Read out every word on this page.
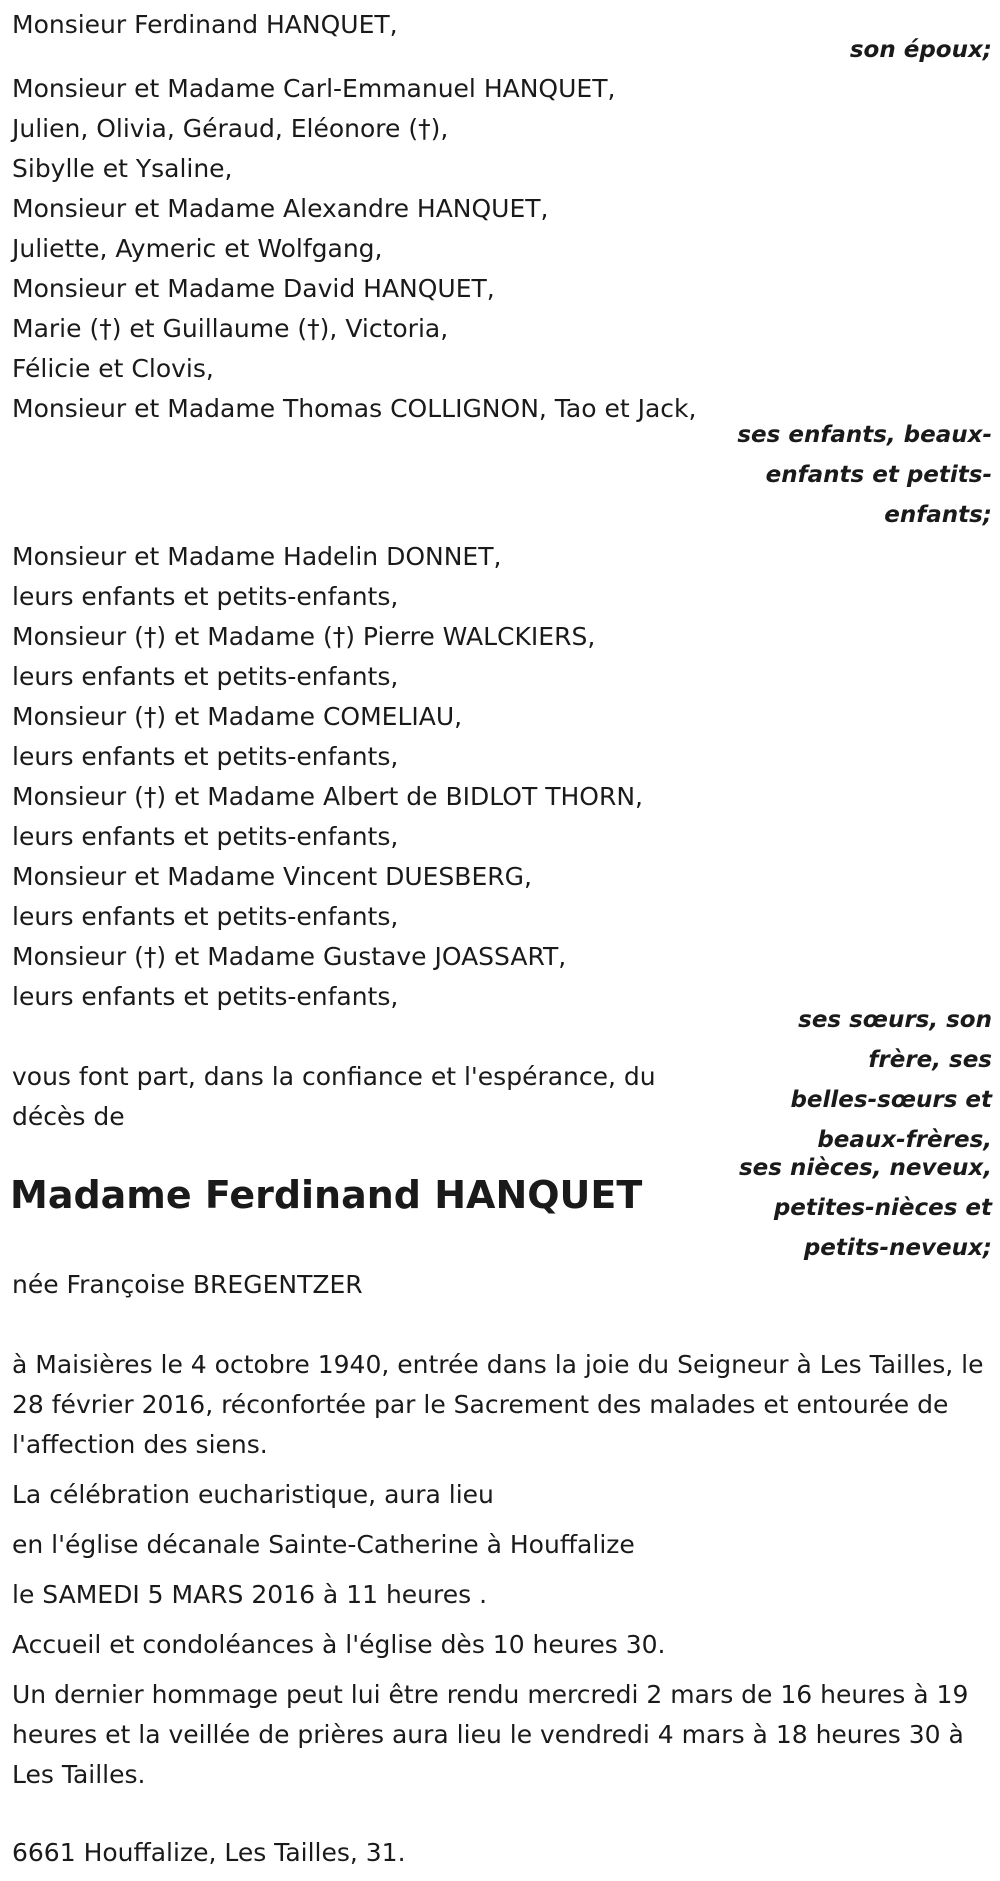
Monsieur Ferdinand HANQUET,

son époux;

Monsieur et Madame Carl-Emmanuel HANQUET,

Julien, Olivia, Géraud, Eléonore (†),

Sibylle et Ysaline,

Monsieur et Madame Alexandre HANQUET,

Juliette, Aymeric et Wolfgang,

Monsieur et Madame David HANQUET,

Marie (†) et Guillaume (†), Victoria,

Félicie et Clovis,

Monsieur et Madame Thomas COLLIGNON, Tao et Jack,

ses enfants, beaux-

enfants et petits-

enfants;

Monsieur et Madame Hadelin DONNET,

leurs enfants et petits-enfants,

Monsieur (†) et Madame (†) Pierre WALCKIERS,

leurs enfants et petits-enfants,

Monsieur (†) et Madame COMELIAU,

leurs enfants et petits-enfants,

Monsieur (†) et Madame Albert de BIDLOT THORN,

leurs enfants et petits-enfants,

Monsieur et Madame Vincent DUESBERG,

leurs enfants et petits-enfants,

Monsieur (†) et Madame Gustave JOASSART,

leurs enfants et petits-enfants,

ses sœurs, son

frère, ses

belles-sœurs et

beaux-frères,

vous font part, dans la confiance et l'espérance, du

décès de

ses nièces, neveux,

petites-nièces et

petits-neveux;

Madame Ferdinand HANQUET

née Françoise BREGENTZER

à Maisières le 4 octobre 1940, entrée dans la joie du Seigneur à Les Tailles, le 28 février 2016, réconfortée par le Sacrement des malades et entourée de l'affection des siens.

La célébration eucharistique, aura lieu

en l'église décanale Sainte-Catherine à Houffalize

le SAMEDI 5 MARS 2016 à 11 heures .

Accueil et condoléances à l'église dès 10 heures 30.

Un dernier hommage peut lui être rendu mercredi 2 mars de 16 heures à 19 heures et la veillée de prières aura lieu le vendredi 4 mars à 18 heures 30 à Les Tailles.

6661 Houffalize, Les Tailles, 31.
